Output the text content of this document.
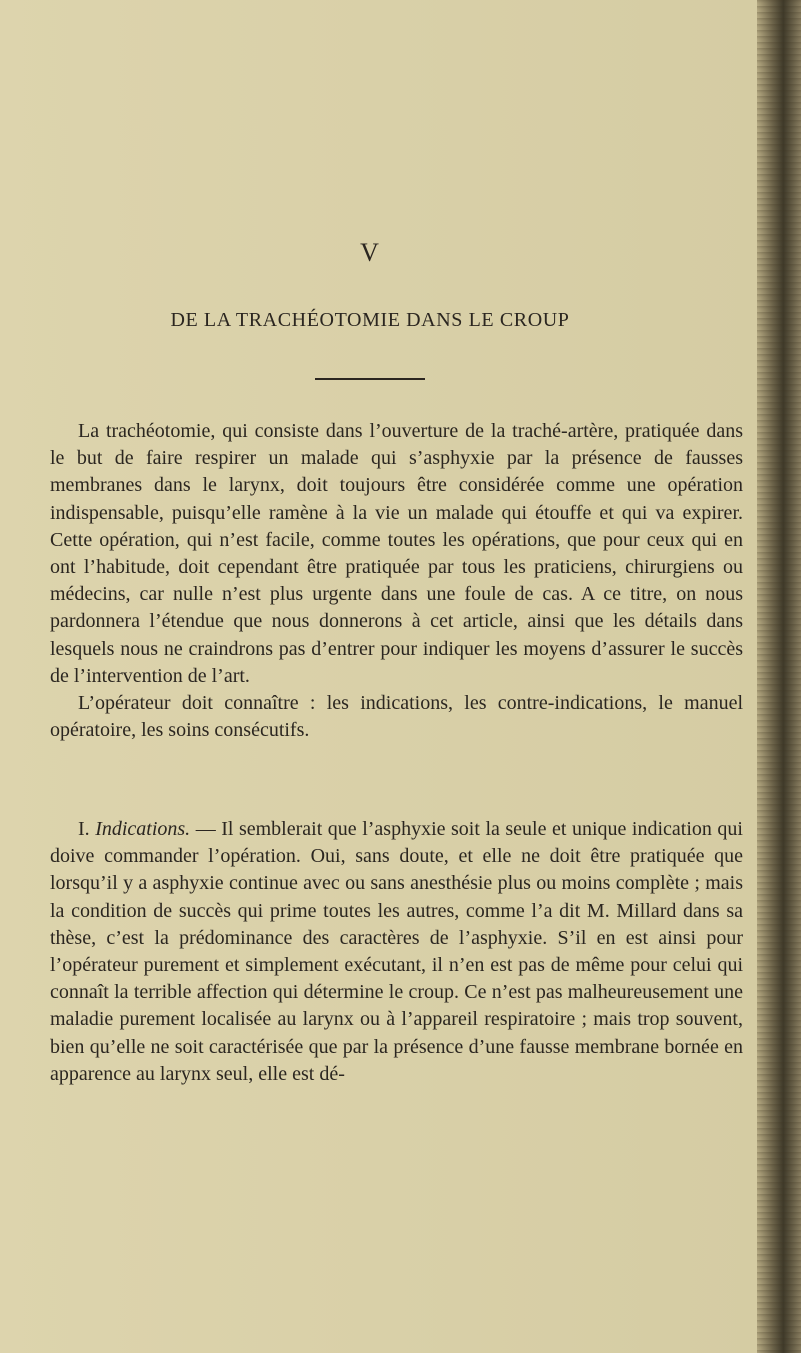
V
DE LA TRACHÉOTOMIE DANS LE CROUP

La trachéotomie, qui consiste dans l’ouverture de la traché-artère, pratiquée dans le but de faire respirer un malade qui s’asphyxie par la présence de fausses membranes dans le larynx, doit toujours être considérée comme une opération indispensable, puisqu’elle ramène à la vie un malade qui étouffe et qui va expirer. Cette opération, qui n’est facile, comme toutes les opérations, que pour ceux qui en ont l’habitude, doit cependant être pratiquée par tous les praticiens, chirurgiens ou médecins, car nulle n’est plus urgente dans une foule de cas. A ce titre, on nous pardonnera l’étendue que nous donnerons à cet article, ainsi que les détails dans lesquels nous ne craindrons pas d’entrer pour indiquer les moyens d’assurer le succès de l’intervention de l’art.

L’opérateur doit connaître : les indications, les contre-indications, le manuel opératoire, les soins consécutifs.

I. Indications. — Il semblerait que l’asphyxie soit la seule et unique indication qui doive commander l’opération. Oui, sans doute, et elle ne doit être pratiquée que lorsqu’il y a asphyxie continue avec ou sans anesthésie plus ou moins complète ; mais la condition de succès qui prime toutes les autres, comme l’a dit M. Millard dans sa thèse, c’est la prédominance des caractères de l’asphyxie. S’il en est ainsi pour l’opérateur purement et simplement exécutant, il n’en est pas de même pour celui qui connaît la terrible affection qui détermine le croup. Ce n’est pas malheureusement une maladie purement localisée au larynx ou à l’appareil respiratoire ; mais trop souvent, bien qu’elle ne soit caractérisée que par la présence d’une fausse membrane bornée en apparence au larynx seul, elle est dé-
